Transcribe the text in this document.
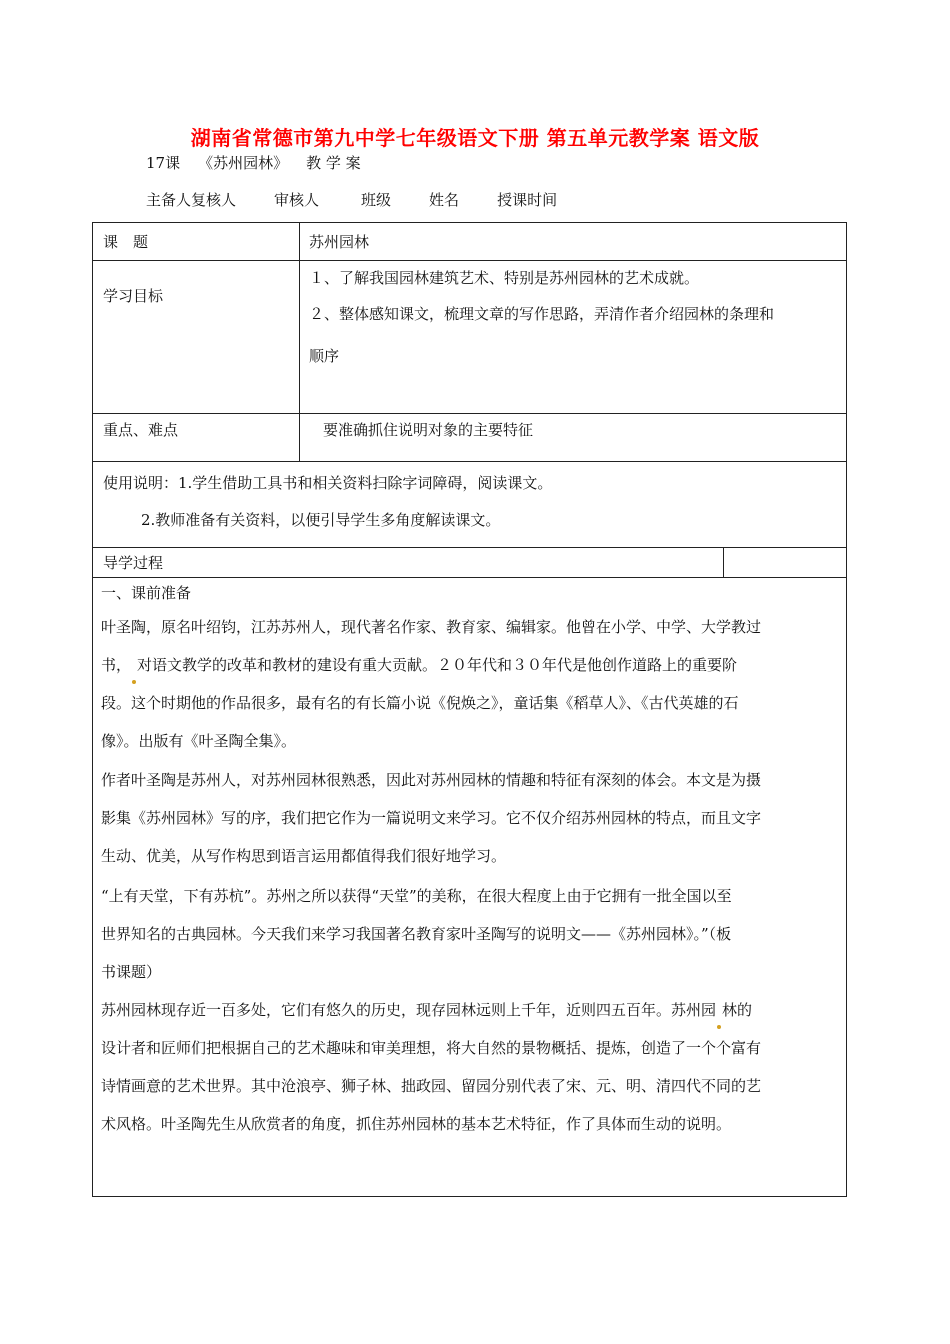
湖南省常德市第九中学七年级语文下册 第五单元教学案 语文版
17课 《苏州园林》 教 学 案
主备人复核人	审核人	班级	姓名	授课时间
课　题	苏州园林
学习目标
１、了解我国园林建筑艺术、特别是苏州园林的艺术成就。
２、整体感知课文，梳理文章的写作思路，弄清作者介绍园林的条理和
顺序
重点、难点	要准确抓住说明对象的主要特征
使用说明：1.学生借助工具书和相关资料扫除字词障碍，阅读课文。
2.教师准备有关资料，以便引导学生多角度解读课文。
导学过程
一、课前准备
叶圣陶，原名叶绍钧，江苏苏州人，现代著名作家、教育家、编辑家。他曾在小学、中学、大学教过
书， 对语文教学的改革和教材的建设有重大贡献。２０年代和３０年代是他创作道路上的重要阶
段。这个时期他的作品很多，最有名的有长篇小说《倪焕之》，童话集《稻草人》、《古代英雄的石
像》。出版有《叶圣陶全集》。
作者叶圣陶是苏州人，对苏州园林很熟悉，因此对苏州园林的情趣和特征有深刻的体会。本文是为摄
影集《苏州园林》写的序，我们把它作为一篇说明文来学习。它不仅介绍苏州园林的特点，而且文字
生动、优美，从写作构思到语言运用都值得我们很好地学习。
“上有天堂，下有苏杭”。苏州之所以获得“天堂”的美称，在很大程度上由于它拥有一批全国以至
世界知名的古典园林。今天我们来学习我国著名教育家叶圣陶写的说明文——《苏州园林》。”（板
书课题）
苏州园林现存近一百多处，它们有悠久的历史，现存园林远则上千年，近则四五百年。苏州园 林的
设计者和匠师们把根据自己的艺术趣味和审美理想，将大自然的景物概括、提炼，创造了一个个富有
诗情画意的艺术世界。其中沧浪亭、狮子林、拙政园、留园分别代表了宋、元、明、清四代不同的艺
术风格。叶圣陶先生从欣赏者的角度，抓住苏州园林的基本艺术特征，作了具体而生动的说明。
